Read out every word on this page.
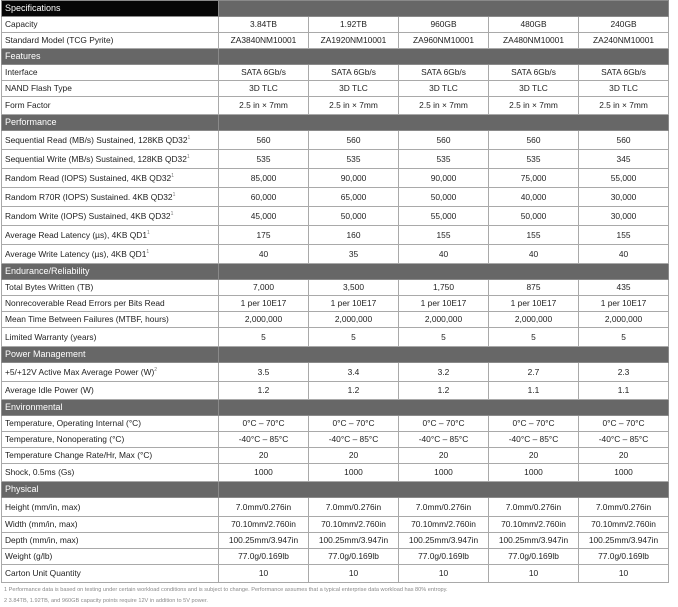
Specifications					
Capacity	3.84TB	1.92TB	960GB	480GB	240GB
Standard Model (TCG Pyrite)	ZA3840NM10001	ZA1920NM10001	ZA960NM10001	ZA480NM10001	ZA240NM10001
Features					
Interface	SATA 6Gb/s	SATA 6Gb/s	SATA 6Gb/s	SATA 6Gb/s	SATA 6Gb/s
NAND Flash Type	3D TLC	3D TLC	3D TLC	3D TLC	3D TLC
Form Factor	2.5 in × 7mm	2.5 in × 7mm	2.5 in × 7mm	2.5 in × 7mm	2.5 in × 7mm
Performance					
Sequential Read (MB/s) Sustained, 128KB $QD32^1$	560	560	560	560	560
Sequential Write (MB/s) Sustained, 128KB $QD32^1$	535	535	535	535	345
Random Read (IOPS) Sustained, 4KB $QD32^1$	85,000	90,000	90,000	75,000	55,000
Random R70R (IOPS) Sustained. 4KB $QD32^1$	60,000	65,000	50,000	40,000	30,000
Random Write (IOPS) Sustained, 4KB $QD32^1$	45,000	50,000	55,000	50,000	30,000
Average Read Latency (µs), 4KB $QD1^1$	175	160	155	155	155
Average Write Latency (µs), 4KB $QD1^1$	40	35	40	40	40
Endurance/Reliability					
Total Bytes Written (TB)	7,000	3,500	1,750	875	435
Nonrecoverable Read Errors per Bits Read	1 per 10E17	1 per 10E17	1 per 10E17	1 per 10E17	1 per 10E17
Mean Time Between Failures (MTBF, hours)	2,000,000	2,000,000	2,000,000	2,000,000	2,000,000
Limited Warranty (years)	5	5	5	5	5
Power Management					
+5/+12V Active Max Average Power $(W)^2$	3.5	3.4	3.2	2.7	2.3
Average Idle Power (W)	1.2	1.2	1.2	1.1	1.1
Environmental					
Temperature, Operating Internal (°C)	0°C – 70°C	0°C – 70°C	0°C – 70°C	0°C – 70°C	0°C – 70°C
Temperature, Nonoperating (°C)	-40°C – 85°C	-40°C – 85°C	-40°C – 85°C	-40°C – 85°C	-40°C – 85°C
Temperature Change Rate/Hr, Max (°C)	20	20	20	20	20
Shock, 0.5ms (Gs)	1000	1000	1000	1000	1000
Physical					
Height (mm/in, max)	7.0mm/0.276in	7.0mm/0.276in	7.0mm/0.276in	7.0mm/0.276in	7.0mm/0.276in
Width (mm/in, max)	70.10mm/2.760in	70.10mm/2.760in	70.10mm/2.760in	70.10mm/2.760in	70.10mm/2.760in
Depth (mm/in, max)	100.25mm/3.947in	100.25mm/3.947in	100.25mm/3.947in	100.25mm/3.947in	100.25mm/3.947in
Weight (g/lb)	77.0g/0.169lb	77.0g/0.169lb	77.0g/0.169lb	77.0g/0.169lb	77.0g/0.169lb
Carton Unit Quantity	10	10	10	10	10
1 Performance data is based on testing under certain workload conditions and is subject to change. Performance assumes that a typical enterprise data workload has 80% entropy.
2 3.84TB, 1.92TB, and 960GB capacity points require 12V in addition to 5V power.
